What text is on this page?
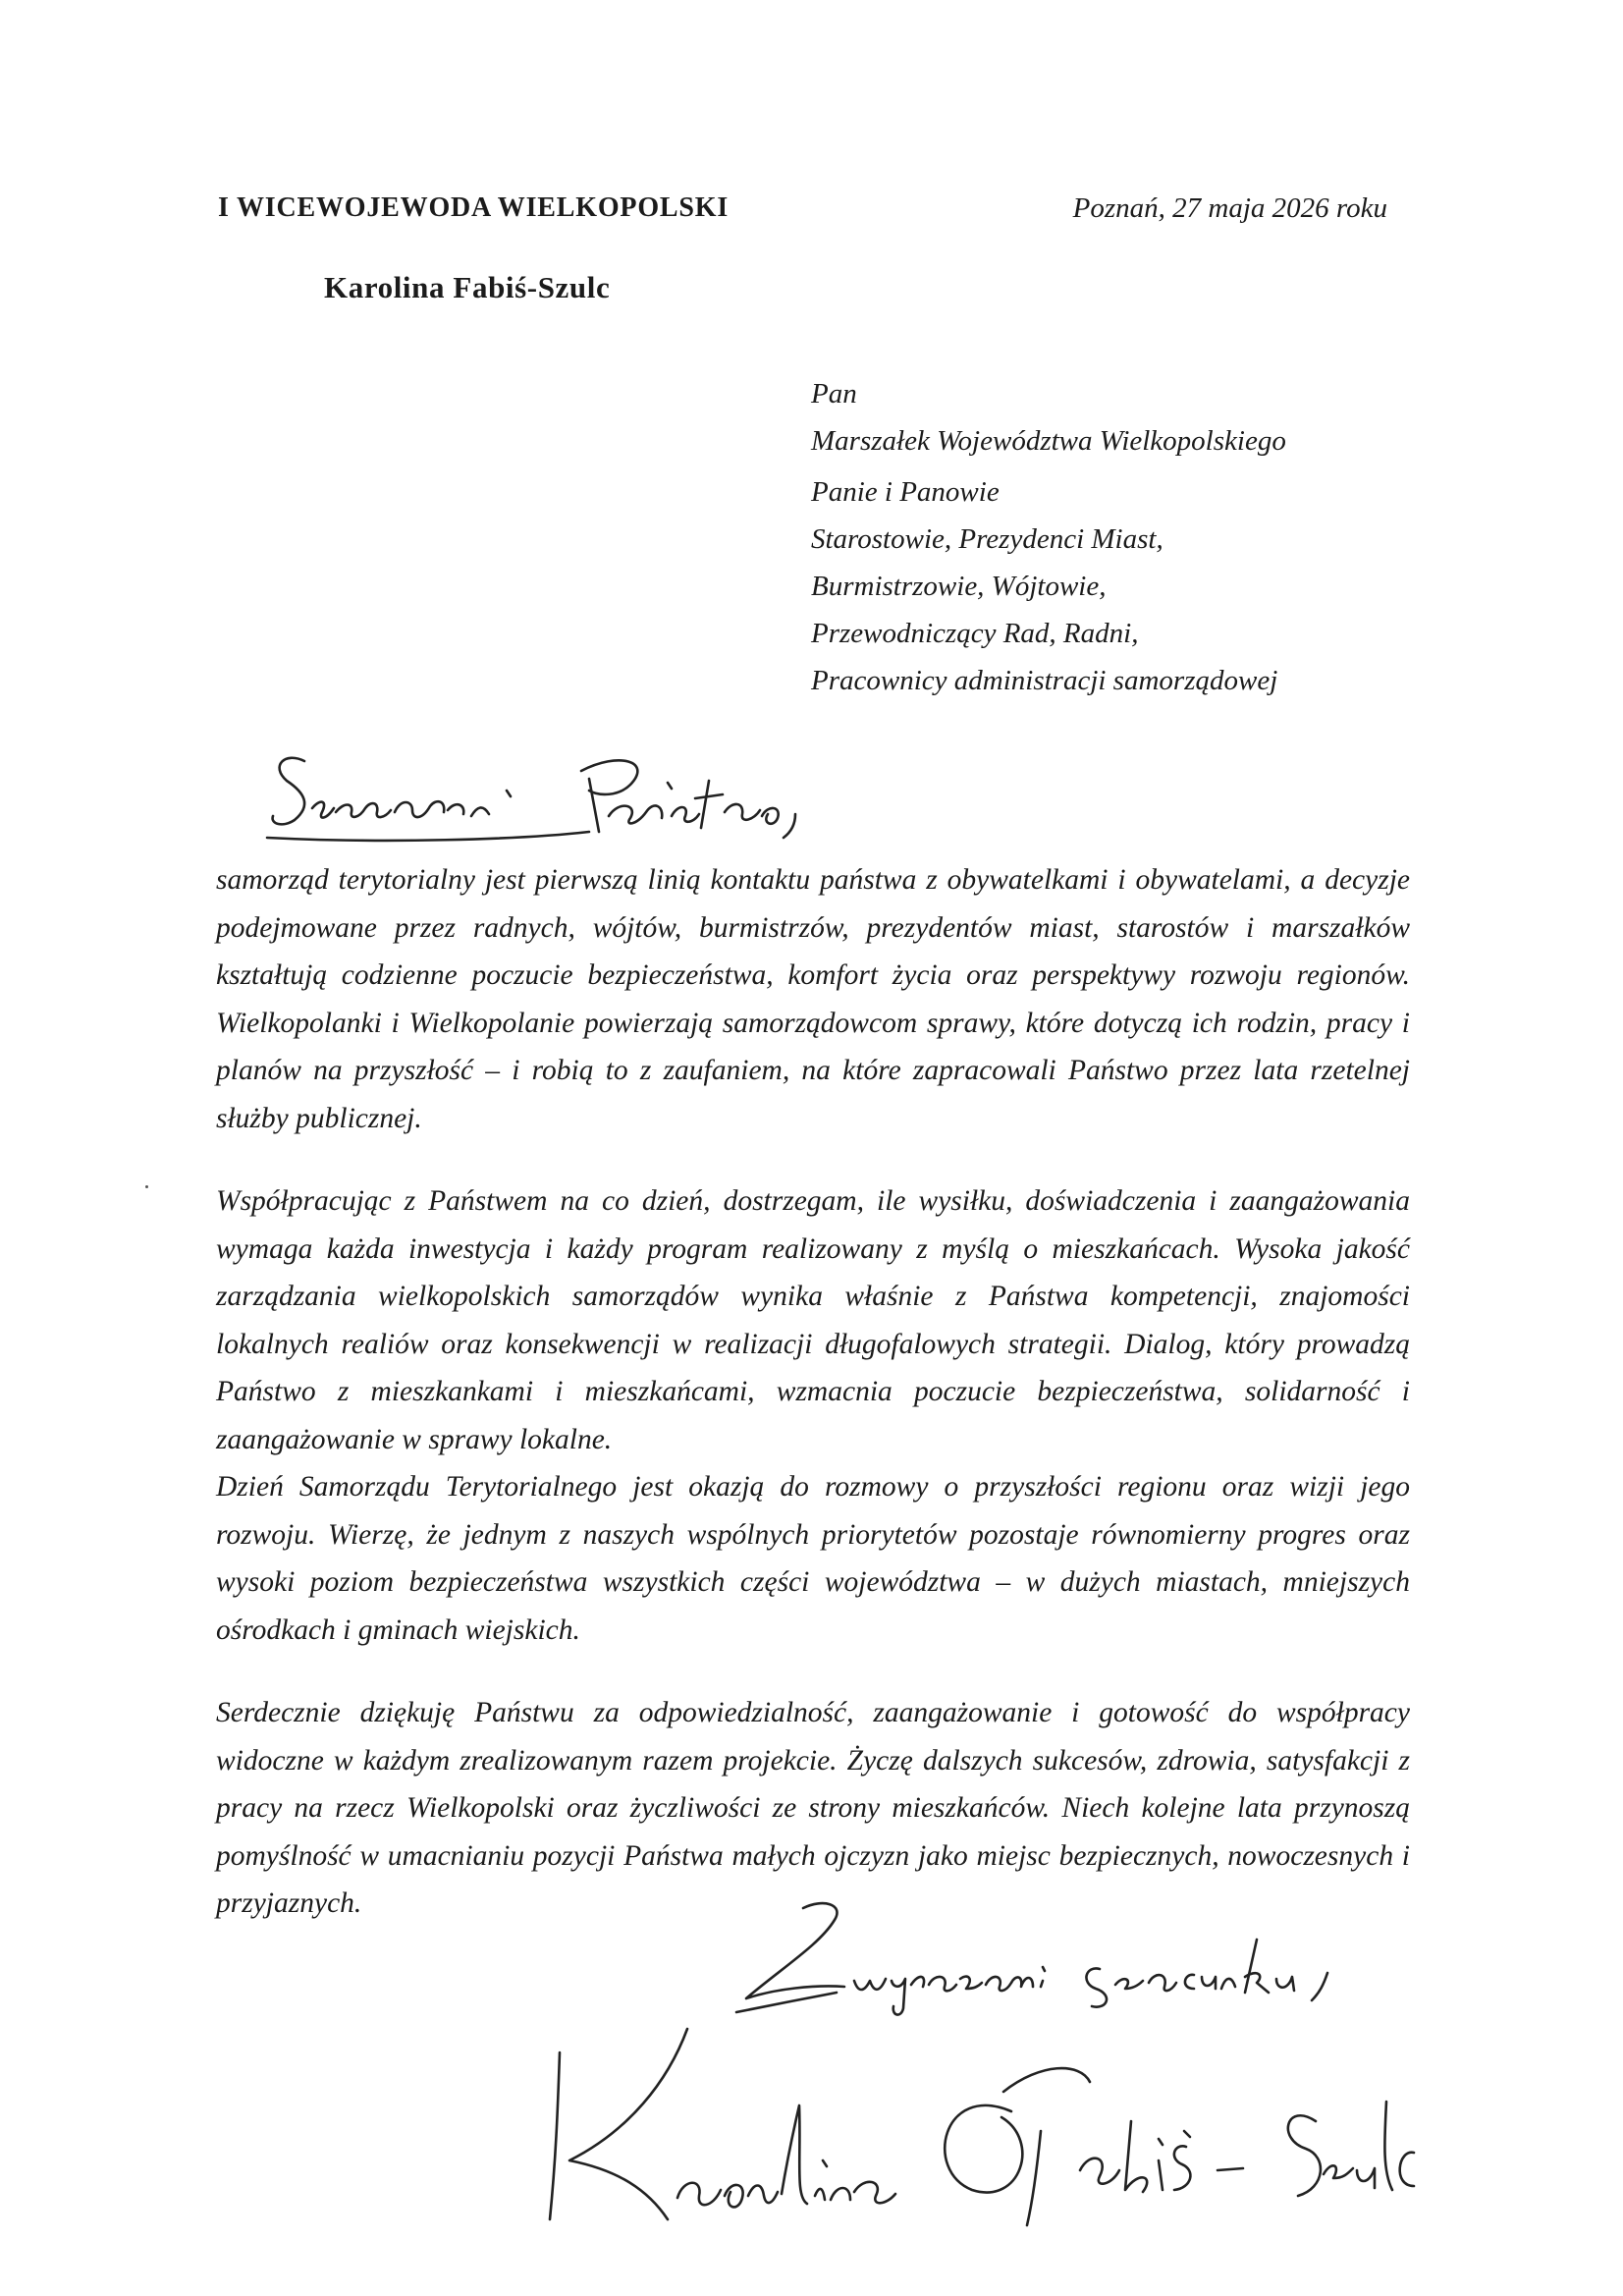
I WICEWOJEWODA WIELKOPOLSKI	Poznań, 27 maja 2026 roku
Karolina Fabiś-Szulc
Pan
Marszałek Województwa Wielkopolskiego
Panie i Panowie
Starostowie, Prezydenci Miast,
Burmistrzowie, Wójtowie,
Przewodniczący Rad, Radni,
Pracownicy administracji samorządowej

samorząd terytorialny jest pierwszą linią kontaktu państwa z obywatelkami i obywatelami, a decyzje podejmowane przez radnych, wójtów, burmistrzów, prezydentów miast, starostów i marszałków kształtują codzienne poczucie bezpieczeństwa, komfort życia oraz perspektywy rozwoju regionów. Wielkopolanki i Wielkopolanie powierzają samorządowcom sprawy, które dotyczą ich rodzin, pracy i planów na przyszłość – i robią to z zaufaniem, na które zapracowali Państwo przez lata rzetelnej służby publicznej.

Współpracując z Państwem na co dzień, dostrzegam, ile wysiłku, doświadczenia i zaangażowania wymaga każda inwestycja i każdy program realizowany z myślą o mieszkańcach. Wysoka jakość zarządzania wielkopolskich samorządów wynika właśnie z Państwa kompetencji, znajomości lokalnych realiów oraz konsekwencji w realizacji długofalowych strategii. Dialog, który prowadzą Państwo z mieszkankami i mieszkańcami, wzmacnia poczucie bezpieczeństwa, solidarność i zaangażowanie w sprawy lokalne.

Dzień Samorządu Terytorialnego jest okazją do rozmowy o przyszłości regionu oraz wizji jego rozwoju. Wierzę, że jednym z naszych wspólnych priorytetów pozostaje równomierny progres oraz wysoki poziom bezpieczeństwa wszystkich części województwa – w dużych miastach, mniejszych ośrodkach i gminach wiejskich.

Serdecznie dziękuję Państwu za odpowiedzialność, zaangażowanie i gotowość do współpracy widoczne w każdym zrealizowanym razem projekcie. Życzę dalszych sukcesów, zdrowia, satysfakcji z pracy na rzecz Wielkopolski oraz życzliwości ze strony mieszkańców. Niech kolejne lata przynoszą pomyślność w umacnianiu pozycji Państwa małych ojczyzn jako miejsc bezpiecznych, nowoczesnych i przyjaznych.
